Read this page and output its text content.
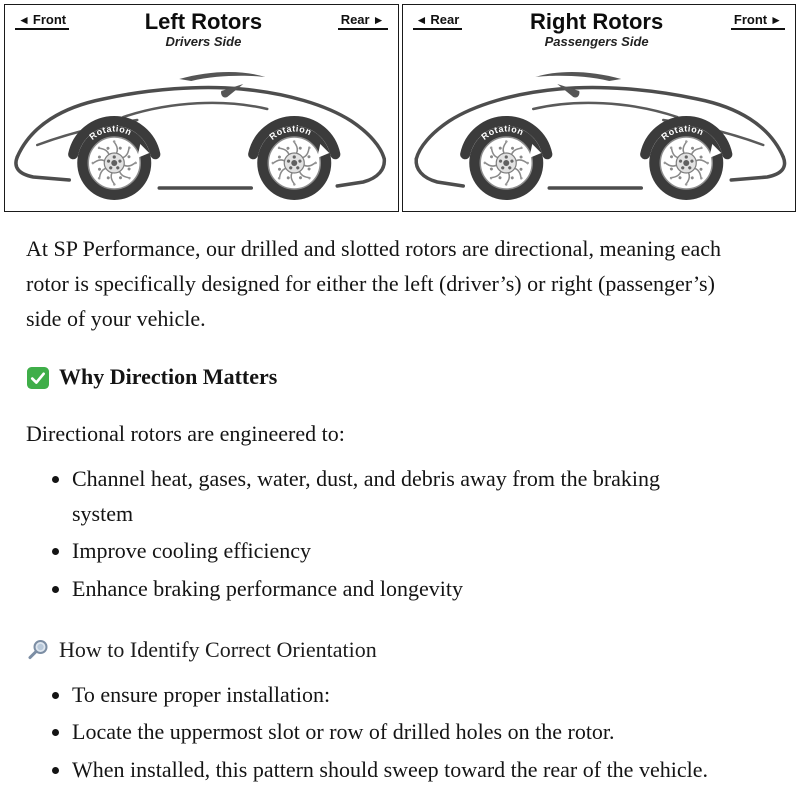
◄ Front	Left Rotors
Drivers Side
Rear ►
Rotation	Rotation
◄ Rear	Right Rotors
Passengers Side
Front ►
Rotation	Rotation

At SP Performance, our drilled and slotted rotors are directional, meaning each rotor is specifically designed for either the left (driver’s) or right (passenger’s) side of your vehicle.

Why Direction Matters

Directional rotors are engineered to:

• Channel heat, gases, water, dust, and debris away from the braking system
• Improve cooling efficiency
• Enhance braking performance and longevity
How to Identify Correct Orientation
• To ensure proper installation:
• Locate the uppermost slot or row of drilled holes on the rotor.
• When installed, this pattern should sweep toward the rear of the vehicle.
